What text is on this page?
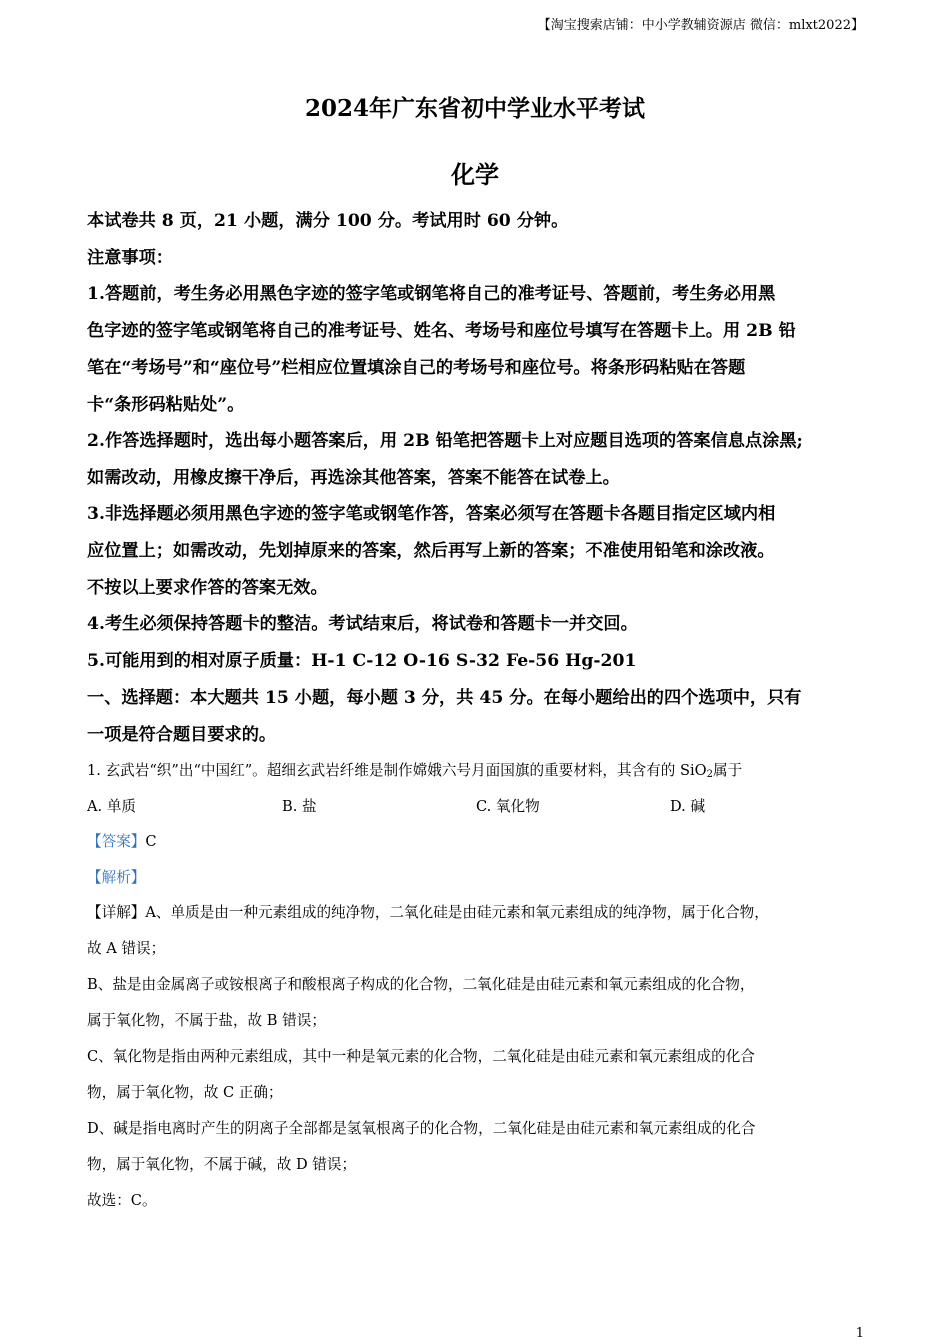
【淘宝搜索店铺：中小学教辅资源店 微信：mlxt2022】
2024年广东省初中学业水平考试
化学
本试卷共 8 页，21 小题，满分 100 分。考试用时 60 分钟。
注意事项：
1.答题前，考生务必用黑色字迹的签字笔或钢笔将自己的准考证号、答题前，考生务必用黑
色字迹的签字笔或钢笔将自己的准考证号、姓名、考场号和座位号填写在答题卡上。用 2B 铅
笔在“考场号”和“座位号”栏相应位置填涂自己的考场号和座位号。将条形码粘贴在答题
卡“条形码粘贴处”。
2.作答选择题时，选出每小题答案后，用 2B 铅笔把答题卡上对应题目选项的答案信息点涂黑;
如需改动，用橡皮擦干净后，再选涂其他答案，答案不能答在试卷上。
3.非选择题必须用黑色字迹的签字笔或钢笔作答，答案必须写在答题卡各题目指定区域内相
应位置上；如需改动，先划掉原来的答案，然后再写上新的答案；不准使用铅笔和涂改液。
不按以上要求作答的答案无效。
4.考生必须保持答题卡的整洁。考试结束后，将试卷和答题卡一并交回。
5.可能用到的相对原子质量：H-1 C-12 O-16 S-32 Fe-56 Hg-201
一、选择题：本大题共 15 小题，每小题 3 分，共 45 分。在每小题给出的四个选项中，只有
一项是符合题目要求的。
1. 玄武岩“织”出“中国红”。超细玄武岩纤维是制作嫦娥六号月面国旗的重要材料，其含有的 SiO$_2$属于
A. 单质	B. 盐	C. 氧化物	D. 碱
【答案】C
【解析】
【详解】A、单质是由一种元素组成的纯净物，二氧化硅是由硅元素和氧元素组成的纯净物，属于化合物，
故 A 错误；
B、盐是由金属离子或铵根离子和酸根离子构成的化合物，二氧化硅是由硅元素和氧元素组成的化合物，
属于氧化物，不属于盐，故 B 错误；
C、氧化物是指由两种元素组成，其中一种是氧元素的化合物，二氧化硅是由硅元素和氧元素组成的化合
物，属于氧化物，故 C 正确；
D、碱是指电离时产生的阴离子全部都是氢氧根离子的化合物，二氧化硅是由硅元素和氧元素组成的化合
物，属于氧化物，不属于碱，故 D 错误；
故选：C。
1
